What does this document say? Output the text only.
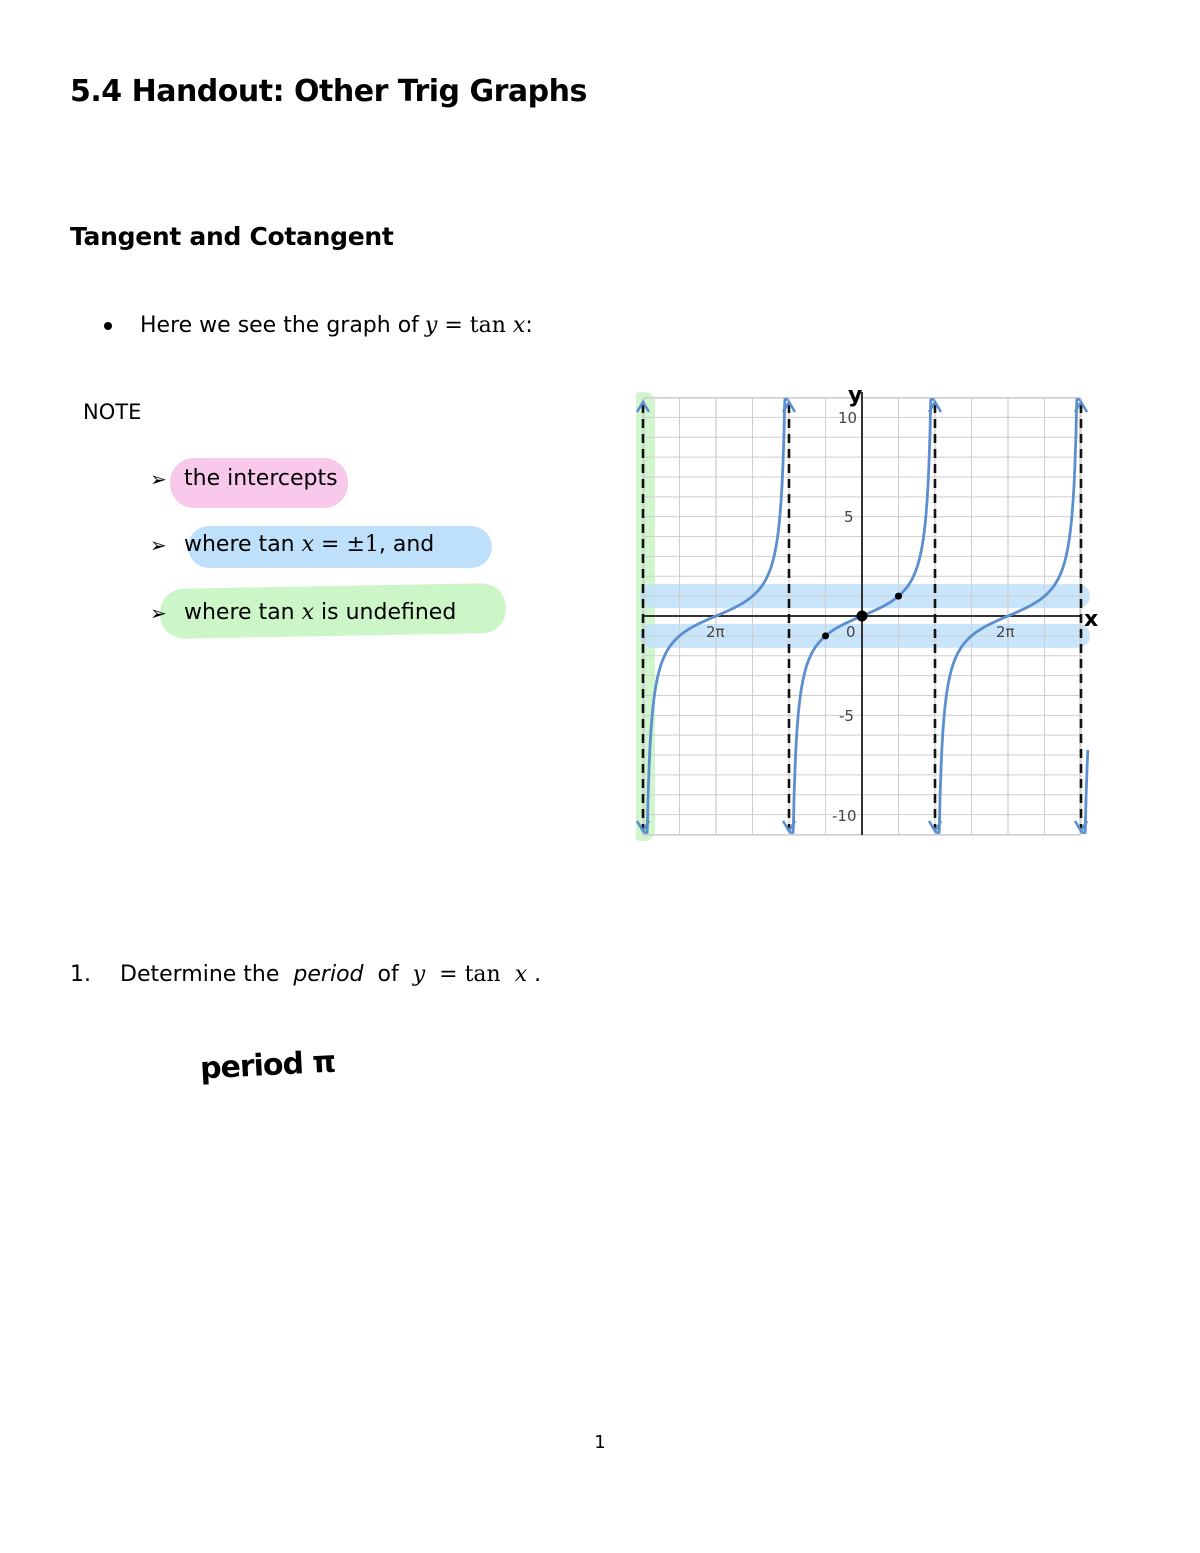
5.4 Handout: Other Trig Graphs
Tangent and Cotangent
Here we see the graph of y = tan x :
NOTE
➢ the intercepts
➢ where tan x = ±1 , and
➢ where tan x is undefined
y
x
10
5
-5
-10
0
2π	2π
1. Determine the  period  of  y  = tan  x .
period π
1
